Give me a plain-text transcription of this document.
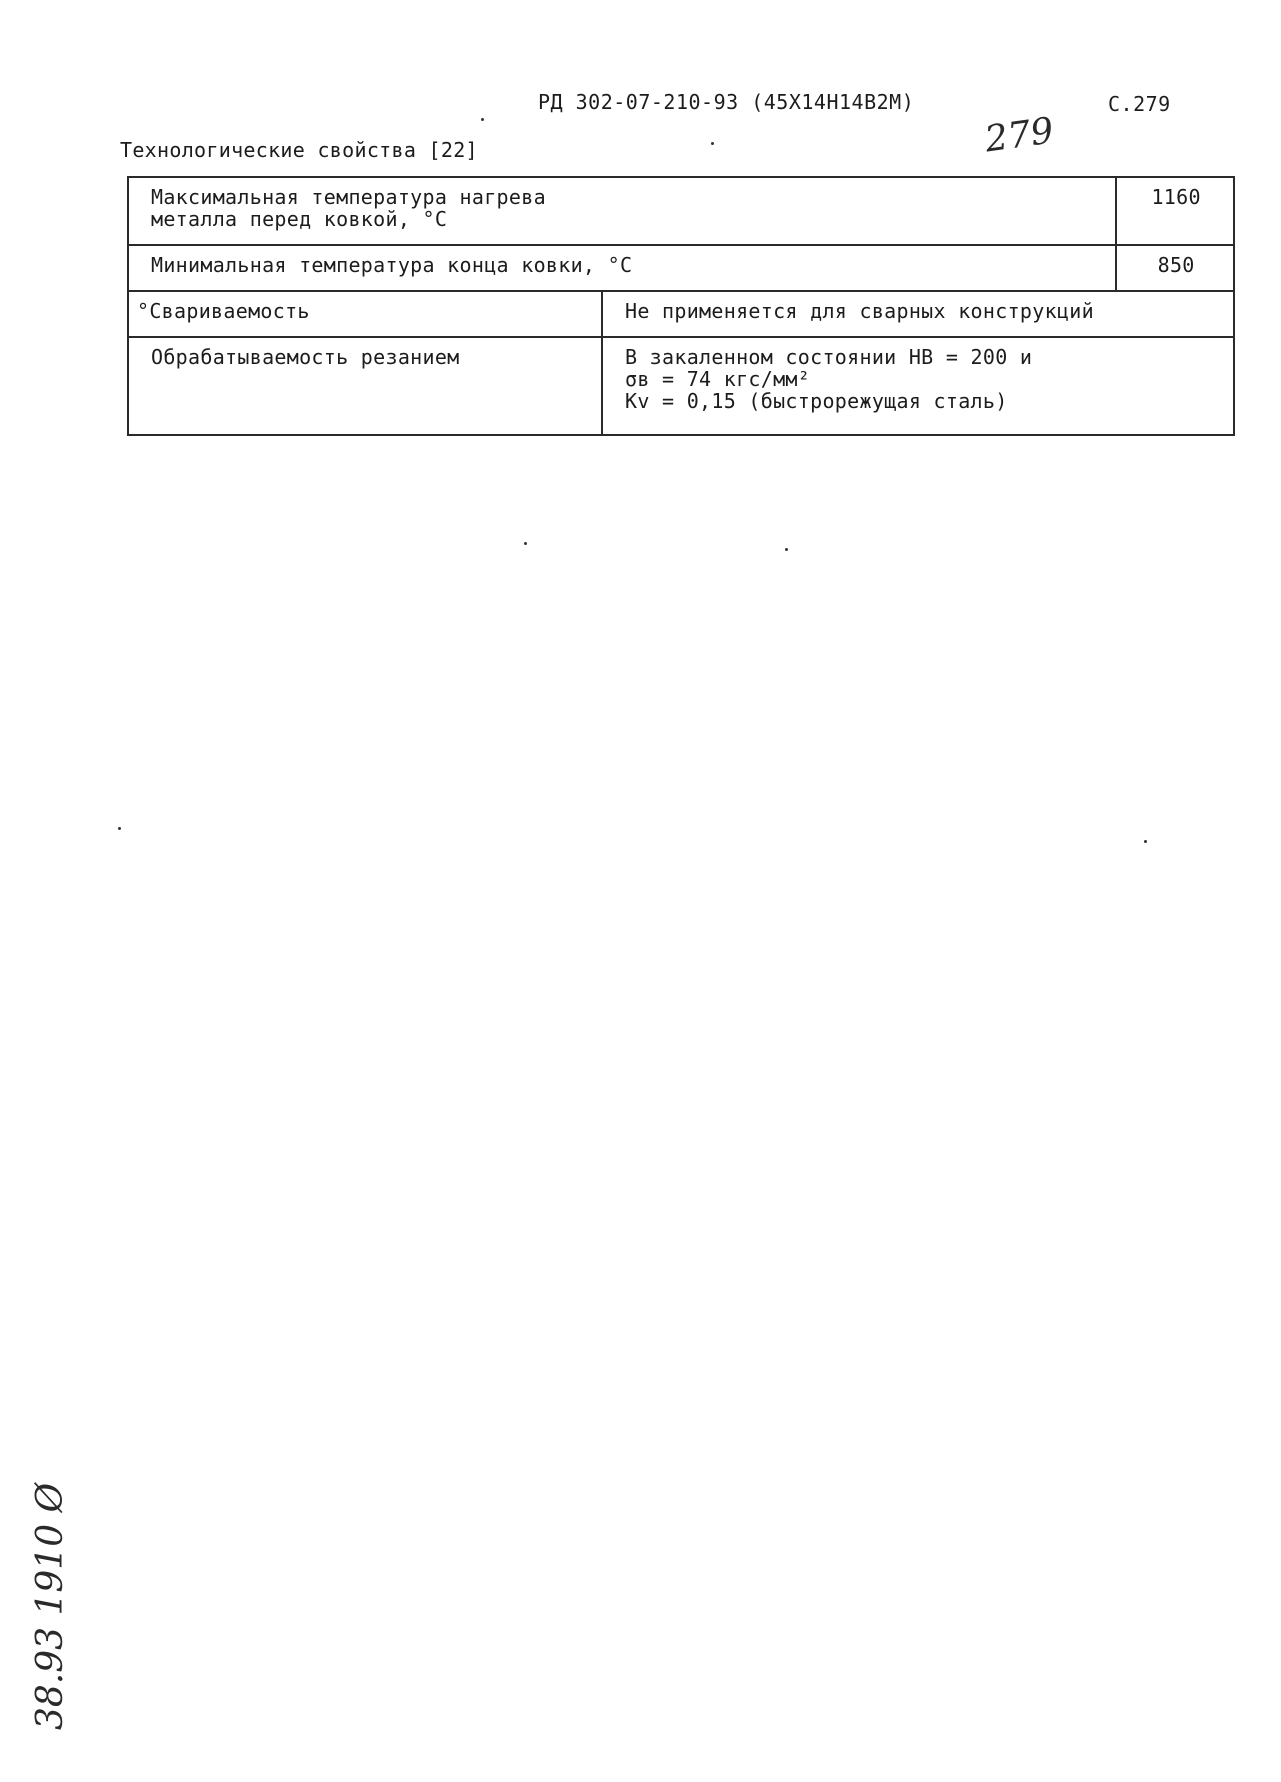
РД 302-07-210-93 (45Х14Н14В2М)	С.279
279
Технологические свойства [22]
Максимальная температура нагрева
металла перед ковкой, °С		1160

Минимальная температура конца ковки, °С		850

°Свариваемость	Не применяется для сварных конструкций	

Обрабатываемость резанием	В закаленном состоянии НВ = 200 и
σв = 74 кгс/мм²
Kv = 0,15 (быстрорежущая сталь)	
38.93 1910 Ø
